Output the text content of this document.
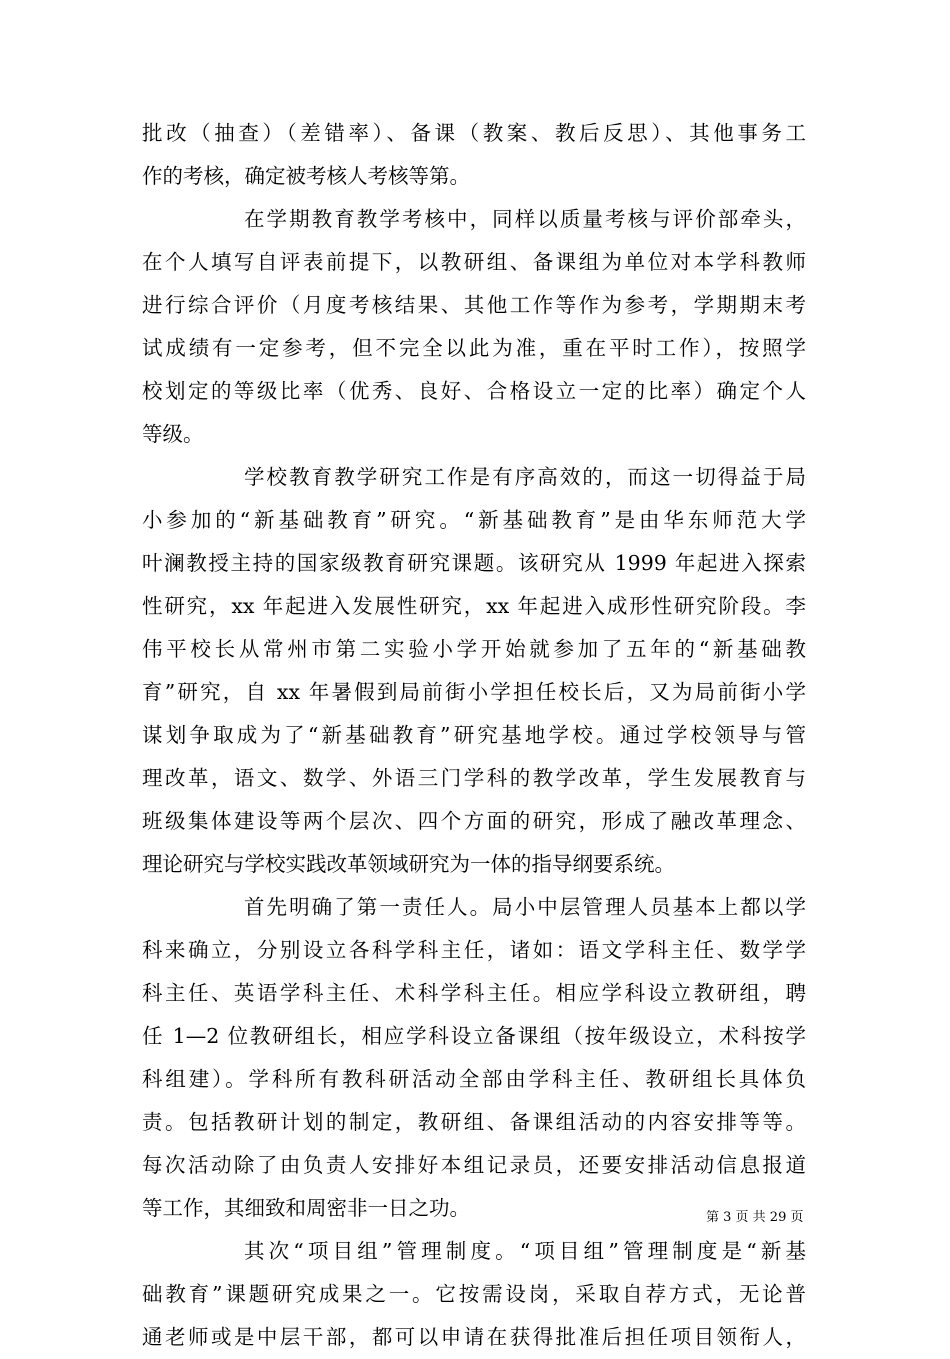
批改（抽查）（差错率）、备课（教案、教后反思）、其他事务工
作的考核，确定被考核人考核等第。
在学期教育教学考核中，同样以质量考核与评价部牵头，
在个人填写自评表前提下，以教研组、备课组为单位对本学科教师
进行综合评价（月度考核结果、其他工作等作为参考，学期期末考
试成绩有一定参考，但不完全以此为准，重在平时工作），按照学
校划定的等级比率（优秀、良好、合格设立一定的比率）确定个人
等级。
学校教育教学研究工作是有序高效的，而这一切得益于局
小参加的“新基础教育”研究。“新基础教育”是由华东师范大学
叶澜教授主持的国家级教育研究课题。该研究从 1999 年起进入探索
性研究，xx 年起进入发展性研究，xx 年起进入成形性研究阶段。李
伟平校长从常州市第二实验小学开始就参加了五年的“新基础教
育”研究，自 xx 年暑假到局前街小学担任校长后，又为局前街小学
谋划争取成为了“新基础教育”研究基地学校。通过学校领导与管
理改革，语文、数学、外语三门学科的教学改革，学生发展教育与
班级集体建设等两个层次、四个方面的研究，形成了融改革理念、
理论研究与学校实践改革领域研究为一体的指导纲要系统。
首先明确了第一责任人。局小中层管理人员基本上都以学
科来确立，分别设立各科学科主任，诸如：语文学科主任、数学学
科主任、英语学科主任、术科学科主任。相应学科设立教研组，聘
任 1—2 位教研组长，相应学科设立备课组（按年级设立，术科按学
科组建）。学科所有教科研活动全部由学科主任、教研组长具体负
责。包括教研计划的制定，教研组、备课组活动的内容安排等等。
每次活动除了由负责人安排好本组记录员，还要安排活动信息报道
等工作，其细致和周密非一日之功。
其次“项目组”管理制度。“项目组”管理制度是“新基
础教育”课题研究成果之一。它按需设岗，采取自荐方式，无论普
通老师或是中层干部，都可以申请在获得批准后担任项目领衔人，
第 3 页 共 29 页
